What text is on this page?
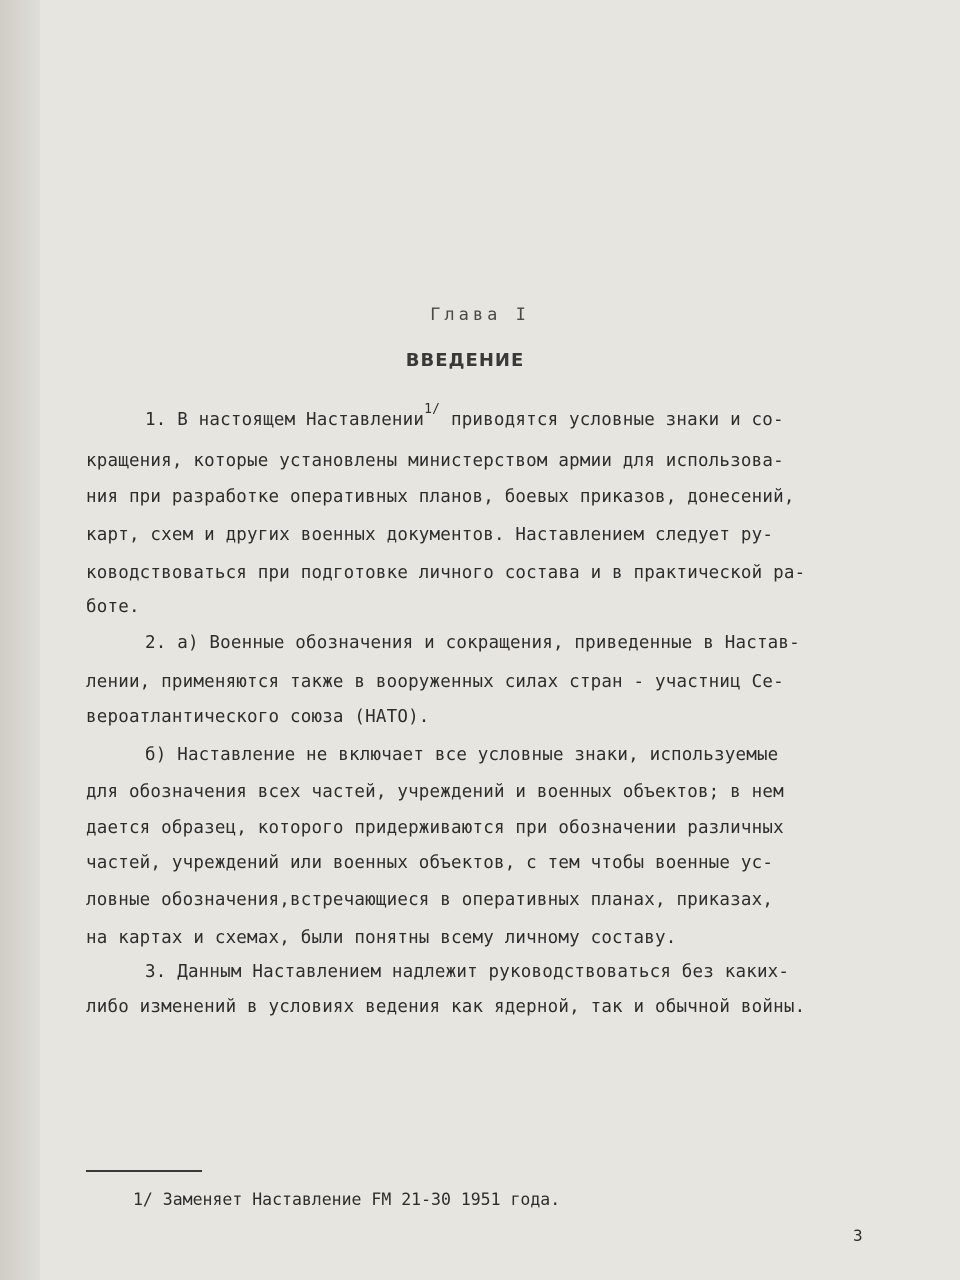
Глава I
ВВЕДЕНИЕ
1. В настоящем Наставлении$^{1/}$ приводятся условные знаки и со-
кращения, которые установлены министерством армии для использова-
ния при разработке оперативных планов, боевых приказов, донесений,
карт, схем и других военных документов. Наставлением следует ру-
ководствоваться при подготовке личного состава и в практической ра-
боте.
2. а) Военные обозначения и сокращения, приведенные в Настав-
лении, применяются также в вооруженных силах стран - участниц Се-
вероатлантического союза (НАТО).
б) Наставление не включает все условные знаки, используемые
для обозначения всех частей, учреждений и военных объектов; в нем
дается образец, которого придерживаются при обозначении различных
частей, учреждений или военных объектов, с тем чтобы военные ус-
ловные обозначения,встречающиеся в оперативных планах, приказах,
на картах и схемах, были понятны всему личному составу.
3. Данным Наставлением надлежит руководствоваться без каких-
либо изменений в условиях ведения как ядерной, так и обычной войны.
1/ Заменяет Наставление FM 21-30 1951 года.
3
